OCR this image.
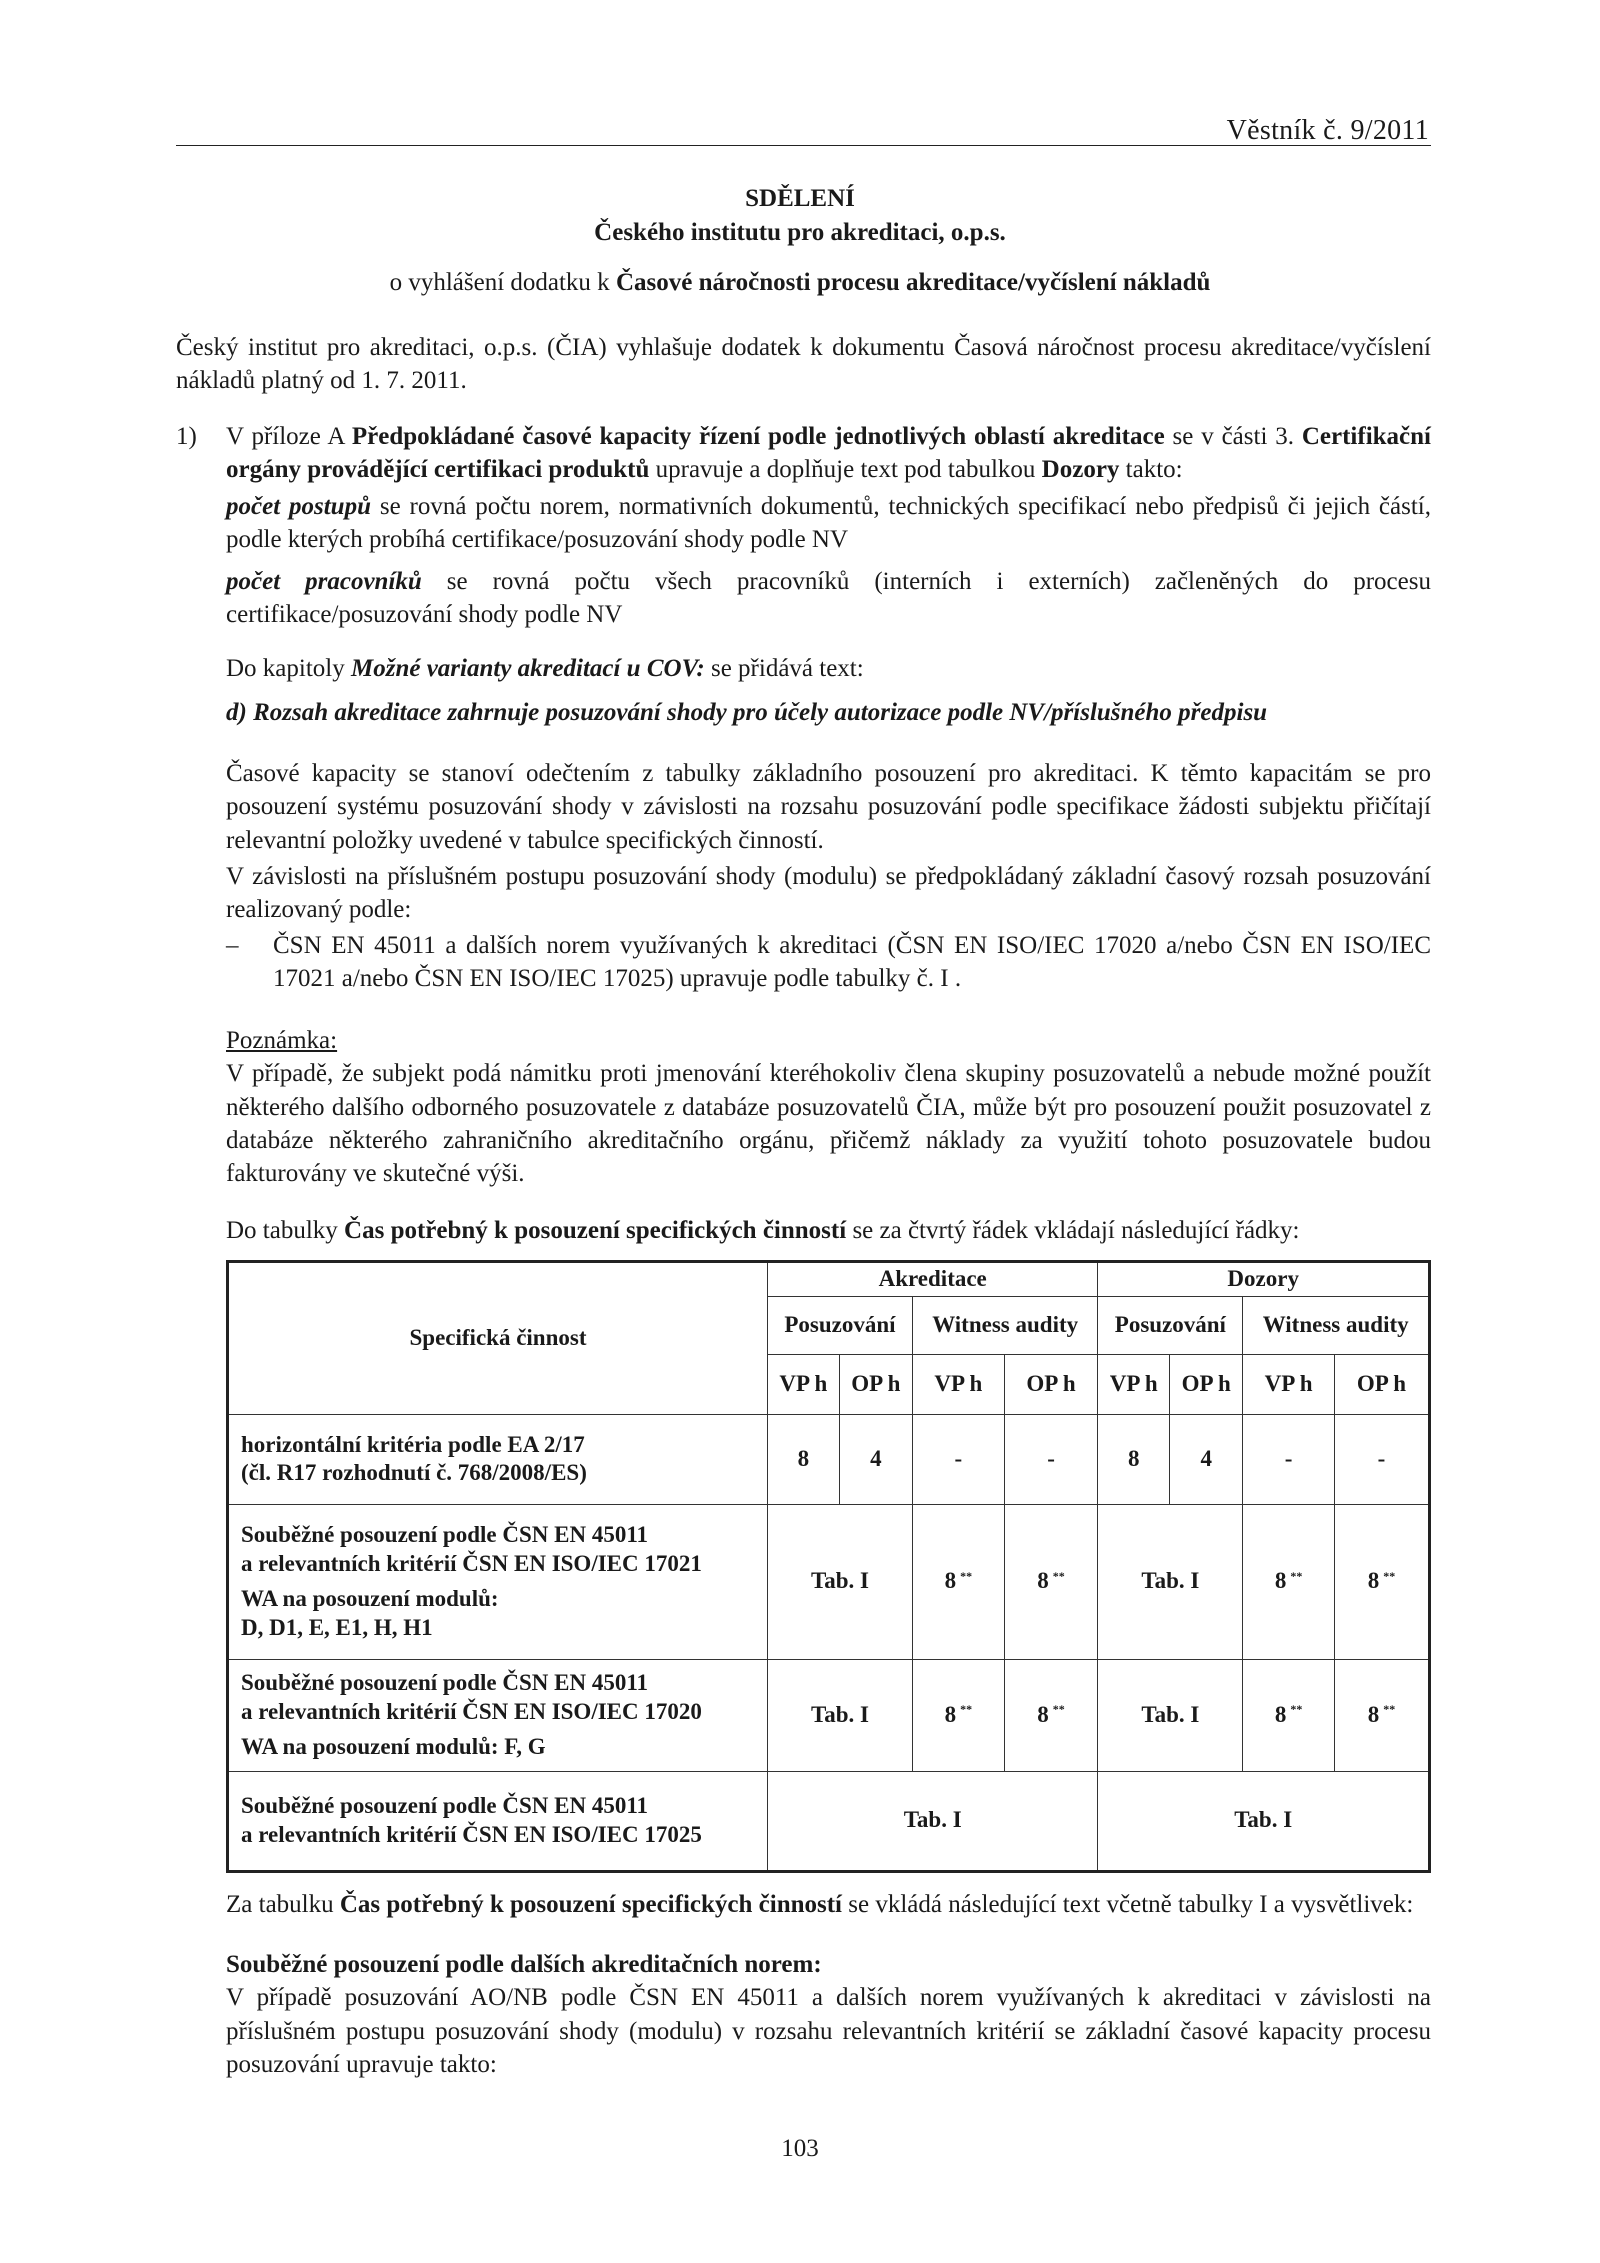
Věstník č. 9/2011
SDĚLENÍ
Českého institutu pro akreditaci, o.p.s.
o vyhlášení dodatku k Časové náročnosti procesu akreditace/vyčíslení nákladů
Český institut pro akreditaci, o.p.s. (ČIA) vyhlašuje dodatek k dokumentu Časová náročnost procesu akreditace/vyčíslení nákladů platný od 1. 7. 2011.
1)	V příloze A Předpokládané časové kapacity řízení podle jednotlivých oblastí akreditace se v části 3. Certifikační orgány provádějící certifikaci produktů upravuje a doplňuje text pod tabulkou Dozory takto:
počet postupů se rovná počtu norem, normativních dokumentů, technických specifikací nebo předpisů či jejich částí, podle kterých probíhá certifikace/posuzování shody podle NV
počet pracovníků se rovná počtu všech pracovníků (interních i externích) začleněných do procesu certifikace/posuzování shody podle NV
Do kapitoly Možné varianty akreditací u COV: se přidává text:
d) Rozsah akreditace zahrnuje posuzování shody pro účely autorizace podle NV/příslušného předpisu
Časové kapacity se stanoví odečtením z tabulky základního posouzení pro akreditaci. K těmto kapacitám se pro posouzení systému posuzování shody v závislosti na rozsahu posuzování podle specifikace žádosti subjektu přičítají relevantní položky uvedené v tabulce specifických činností.
V závislosti na příslušném postupu posuzování shody (modulu) se předpokládaný základní časový rozsah posuzování realizovaný podle:
– ČSN EN 45011 a dalších norem využívaných k akreditaci (ČSN EN ISO/IEC 17020 a/nebo ČSN EN ISO/IEC 17021 a/nebo ČSN EN ISO/IEC 17025) upravuje podle tabulky č. I .
Poznámka:
V případě, že subjekt podá námitku proti jmenování kteréhokoliv člena skupiny posuzovatelů a nebude možné použít některého dalšího odborného posuzovatele z databáze posuzovatelů ČIA, může být pro posouzení použit posuzovatel z databáze některého zahraničního akreditačního orgánu, přičemž náklady za využití tohoto posuzovatele budou fakturovány ve skutečné výši.
Do tabulky Čas potřebný k posouzení specifických činností se za čtvrtý řádek vkládají následující řádky:
Specifická činnost	Akreditace				Dozory			
	Posuzování		Witness audity		Posuzování		Witness audity	
	VP h	OP h	VP h	OP h	VP h	OP h	VP h	OP h

horizontální kritéria podle EA 2/17
(čl. R17 rozhodnutí č. 768/2008/ES)	8	4	-	-	8	4	-	-

Souběžné posouzení podle ČSN EN 45011
a relevantních kritérií ČSN EN ISO/IEC 17021
WA na posouzení modulů:
D, D1, E, E1, H, H1	Tab. I		8 **	8 **	Tab. I		8 **	8 **

Souběžné posouzení podle ČSN EN 45011
a relevantních kritérií ČSN EN ISO/IEC 17020
WA na posouzení modulů: F, G	Tab. I		8 **	8 **	Tab. I		8 **	8 **

Souběžné posouzení podle ČSN EN 45011
a relevantních kritérií ČSN EN ISO/IEC 17025	Tab. I				Tab. I			
Za tabulku Čas potřebný k posouzení specifických činností se vkládá následující text včetně tabulky I a vysvětlivek:
Souběžné posouzení podle dalších akreditačních norem:
V případě posuzování AO/NB podle ČSN EN 45011 a dalších norem využívaných k akreditaci v závislosti na příslušném postupu posuzování shody (modulu) v rozsahu relevantních kritérií se základní časové kapacity procesu posuzování upravuje takto:
103
